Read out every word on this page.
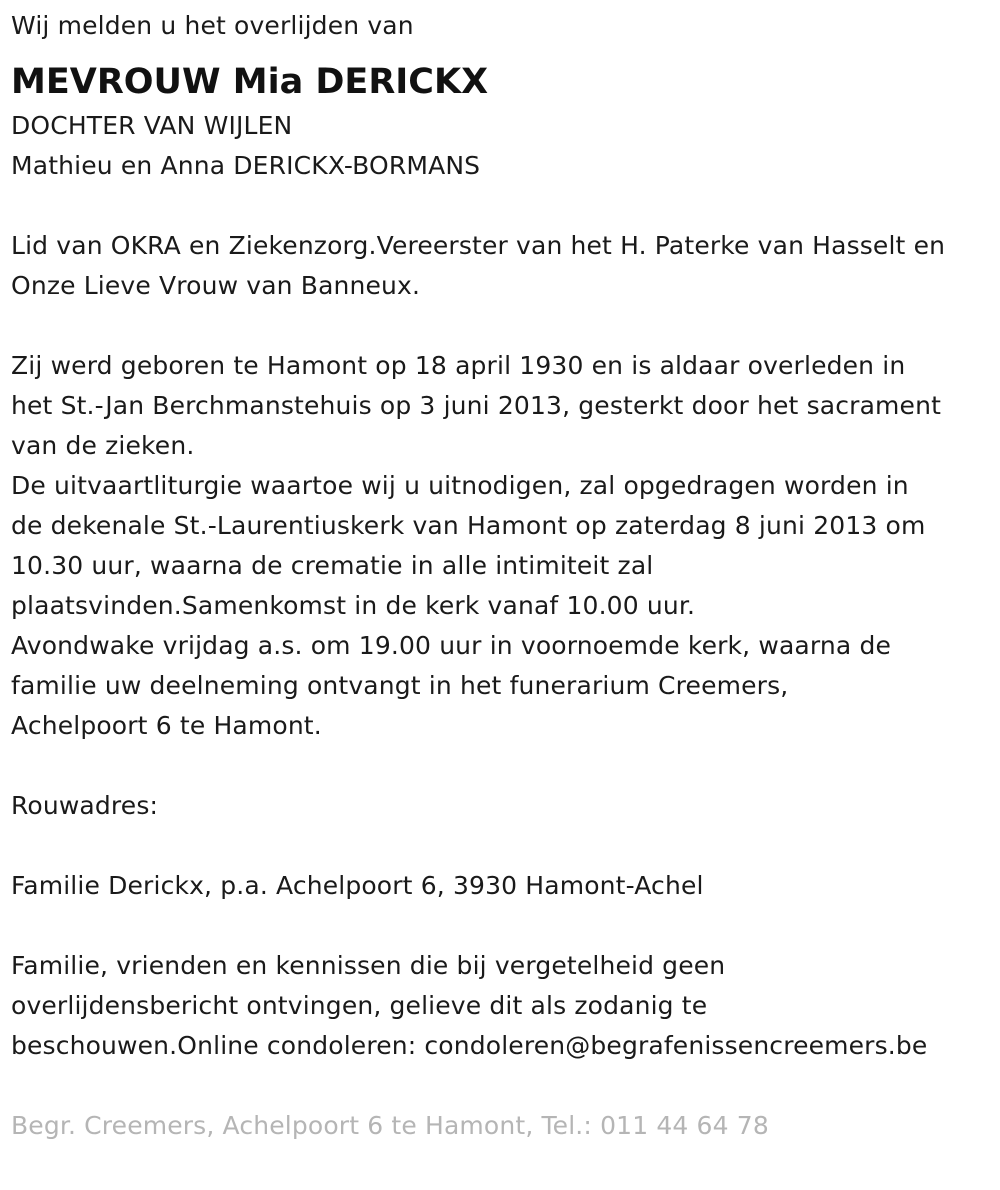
Wij melden u het overlijden van
MEVROUW Mia DERICKX
DOCHTER VAN WIJLEN
Mathieu en Anna DERICKX-BORMANS
Lid van OKRA en Ziekenzorg.Vereerster van het H. Paterke van Hasselt en
Onze Lieve Vrouw van Banneux.
Zij werd geboren te Hamont op 18 april 1930 en is aldaar overleden in
het St.-Jan Berchmanstehuis op 3 juni 2013, gesterkt door het sacrament
van de zieken.
De uitvaartliturgie waartoe wij u uitnodigen, zal opgedragen worden in
de dekenale St.-Laurentiuskerk van Hamont op zaterdag 8 juni 2013 om
10.30 uur, waarna de crematie in alle intimiteit zal
plaatsvinden.Samenkomst in de kerk vanaf 10.00 uur.
Avondwake vrijdag a.s. om 19.00 uur in voornoemde kerk, waarna de
familie uw deelneming ontvangt in het funerarium Creemers,
Achelpoort 6 te Hamont.
Rouwadres:
Familie Derickx, p.a. Achelpoort 6, 3930 Hamont-Achel
Familie, vrienden en kennissen die bij vergetelheid geen
overlijdensbericht ontvingen, gelieve dit als zodanig te
beschouwen.Online condoleren: condoleren@begrafenissencreemers.be
Begr. Creemers, Achelpoort 6 te Hamont, Tel.: 011 44 64 78
